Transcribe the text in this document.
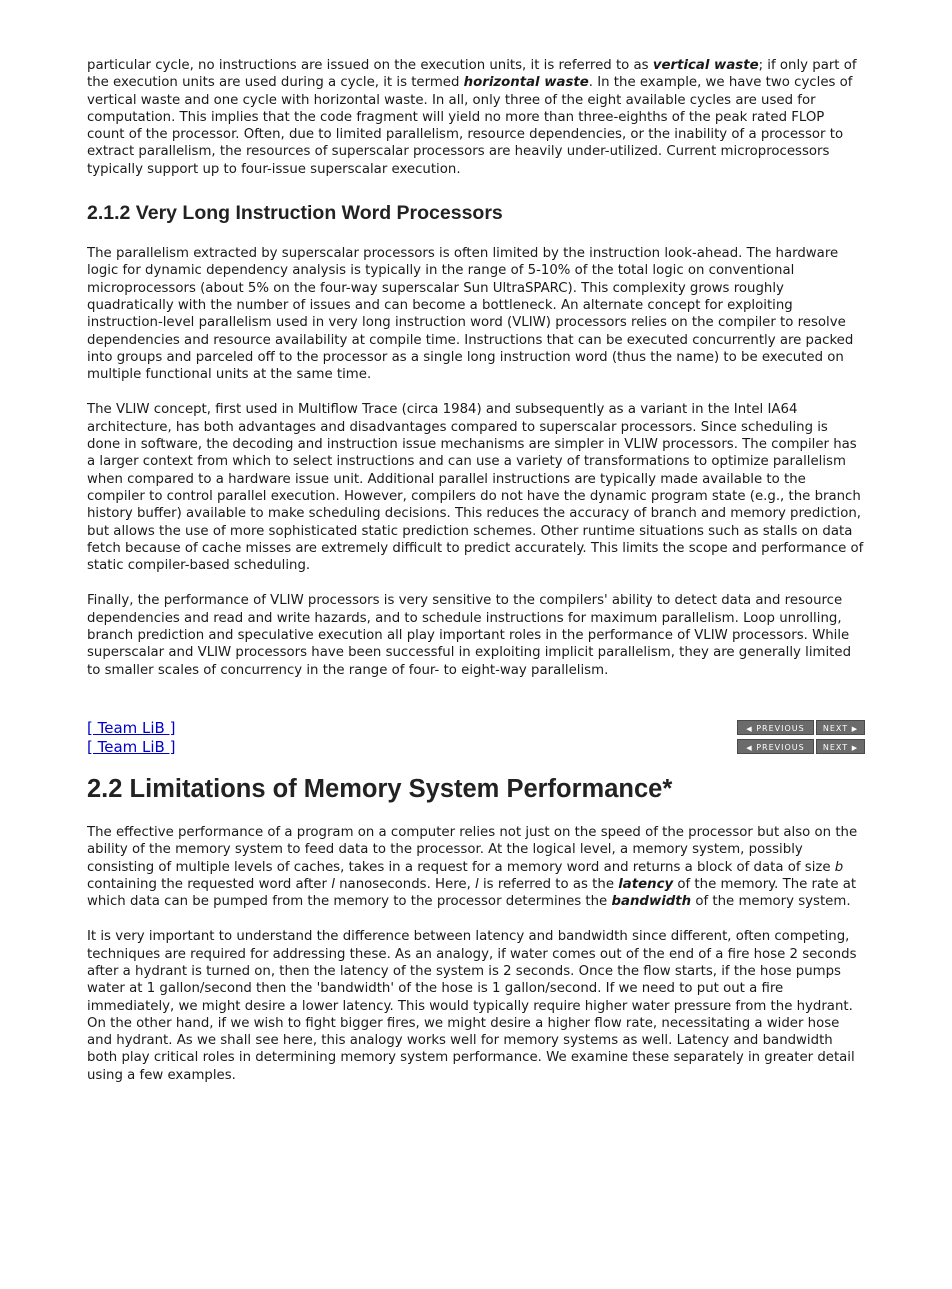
particular cycle, no instructions are issued on the execution units, it is referred to as vertical waste; if only part of the execution units are used during a cycle, it is termed horizontal waste. In the example, we have two cycles of vertical waste and one cycle with horizontal waste. In all, only three of the eight available cycles are used for computation. This implies that the code fragment will yield no more than three-eighths of the peak rated FLOP count of the processor. Often, due to limited parallelism, resource dependencies, or the inability of a processor to extract parallelism, the resources of superscalar processors are heavily under-utilized. Current microprocessors typically support up to four-issue superscalar execution.

2.1.2 Very Long Instruction Word Processors

The parallelism extracted by superscalar processors is often limited by the instruction look-ahead. The hardware logic for dynamic dependency analysis is typically in the range of 5-10% of the total logic on conventional microprocessors (about 5% on the four-way superscalar Sun UltraSPARC). This complexity grows roughly quadratically with the number of issues and can become a bottleneck. An alternate concept for exploiting instruction-level parallelism used in very long instruction word (VLIW) processors relies on the compiler to resolve dependencies and resource availability at compile time. Instructions that can be executed concurrently are packed into groups and parceled off to the processor as a single long instruction word (thus the name) to be executed on multiple functional units at the same time.

The VLIW concept, first used in Multiflow Trace (circa 1984) and subsequently as a variant in the Intel IA64 architecture, has both advantages and disadvantages compared to superscalar processors. Since scheduling is done in software, the decoding and instruction issue mechanisms are simpler in VLIW processors. The compiler has a larger context from which to select instructions and can use a variety of transformations to optimize parallelism when compared to a hardware issue unit. Additional parallel instructions are typically made available to the compiler to control parallel execution. However, compilers do not have the dynamic program state (e.g., the branch history buffer) available to make scheduling decisions. This reduces the accuracy of branch and memory prediction, but allows the use of more sophisticated static prediction schemes. Other runtime situations such as stalls on data fetch because of cache misses are extremely difficult to predict accurately. This limits the scope and performance of static compiler-based scheduling.

Finally, the performance of VLIW processors is very sensitive to the compilers' ability to detect data and resource dependencies and read and write hazards, and to schedule instructions for maximum parallelism. Loop unrolling, branch prediction and speculative execution all play important roles in the performance of VLIW processors. While superscalar and VLIW processors have been successful in exploiting implicit parallelism, they are generally limited to smaller scales of concurrency in the range of four- to eight-way parallelism.

[ Team LiB ]	◀ PREVIOUS	NEXT ▶
[ Team LiB ]	◀ PREVIOUS	NEXT ▶
2.2 Limitations of Memory System Performance*

The effective performance of a program on a computer relies not just on the speed of the processor but also on the ability of the memory system to feed data to the processor. At the logical level, a memory system, possibly consisting of multiple levels of caches, takes in a request for a memory word and returns a block of data of size b containing the requested word after l nanoseconds. Here, l is referred to as the latency of the memory. The rate at which data can be pumped from the memory to the processor determines the bandwidth of the memory system.

It is very important to understand the difference between latency and bandwidth since different, often competing, techniques are required for addressing these. As an analogy, if water comes out of the end of a fire hose 2 seconds after a hydrant is turned on, then the latency of the system is 2 seconds. Once the flow starts, if the hose pumps water at 1 gallon/second then the 'bandwidth' of the hose is 1 gallon/second. If we need to put out a fire immediately, we might desire a lower latency. This would typically require higher water pressure from the hydrant. On the other hand, if we wish to fight bigger fires, we might desire a higher flow rate, necessitating a wider hose and hydrant. As we shall see here, this analogy works well for memory systems as well. Latency and bandwidth both play critical roles in determining memory system performance. We examine these separately in greater detail using a few examples.
